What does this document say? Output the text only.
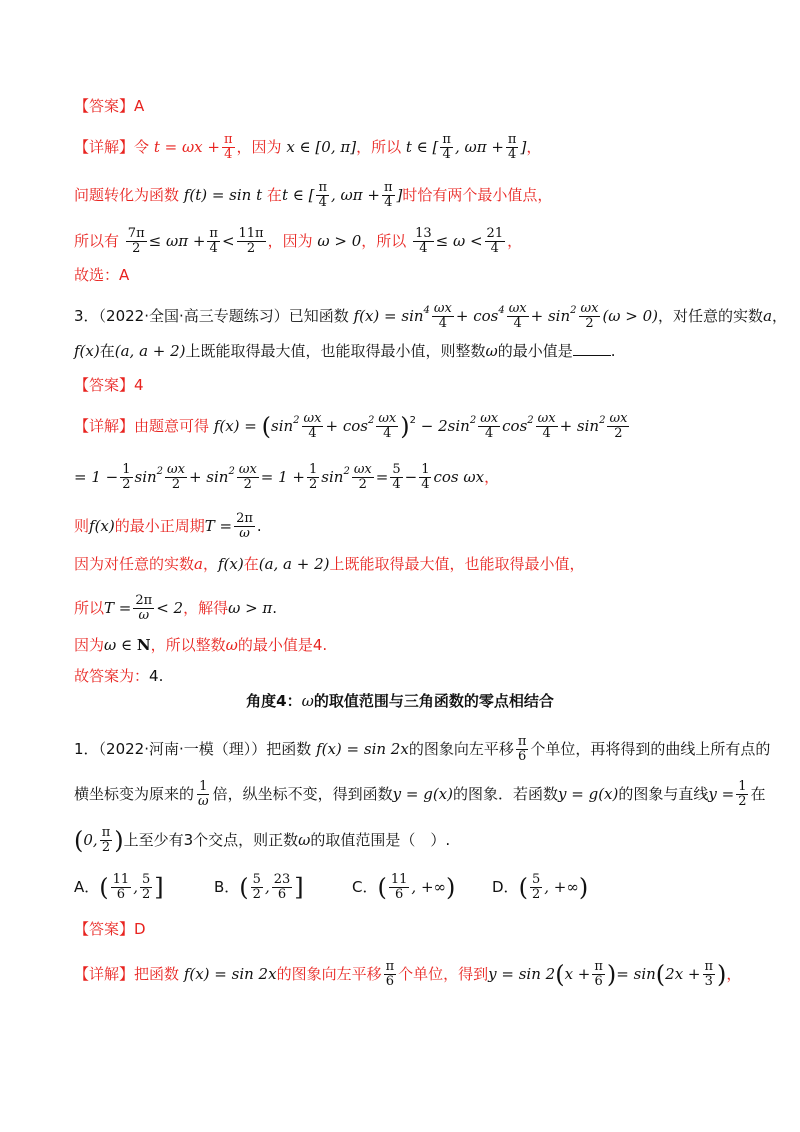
【答案】A
【详解】令 $t = \omega x + \frac{\pi}{4}$ ，因为 x ∈ [0, π]，所以 t ∈ [ $\frac{\pi}{4}$ , $\omega\pi + \frac{\pi}{4}$ ]，
问题转化为函数 f(t) = sin t 在t ∈ [ $\frac{\pi}{4}$ , $\omega\pi + \frac{\pi}{4}$ ]时恰有两个最小值点，
所以有 $\frac{7\pi}{2} \le \omega\pi + \frac{\pi}{4} < \frac{11\pi}{2}$ ，因为 ω > 0，所以 $\frac{13}{4} \le \omega < \frac{21}{4}$ ，
故选：A
3．（2022·全国·高三专题练习）已知函数 $f(x) = \sin^4 \frac{\omega x}{4} + \cos^4 \frac{\omega x}{4} + \sin^2 \frac{\omega x}{2} (\omega > 0)$，对任意的实数a，
f(x)在(a, a + 2)上既能取得最大值，也能取得最小值，则整数ω的最小值是	.
【答案】4
【详解】由题意可得 $f(x) = (\sin^2 \frac{\omega x}{4} + \cos^2 \frac{\omega x}{4} )^2 - 2\sin^2 \frac{\omega x}{4} \cos^2 \frac{\omega x}{4} + \sin^2 \frac{\omega x}{2}$
= $1 - \frac{1}{2} \sin^2 \frac{\omega x}{2} + \sin^2 \frac{\omega x}{2} = 1 + \frac{1}{2} \sin^2 \frac{\omega x}{2} = \frac{5}{4} - \frac{1}{4}$ cos ωx，
则f(x)的最小正周期$T = \frac{2\pi}{\omega}$ .
因为对任意的实数a，f(x)在(a, a + 2)上既能取得最大值，也能取得最小值，
所以$T = \frac{2\pi}{\omega} < 2$，解得ω > π.
因为ω ∈ N，所以整数ω的最小值是4.
故答案为：4.
角度4：ω的取值范围与三角函数的零点相结合
1．（2022·河南·一模（理））把函数 f(x) = sin 2x的图象向左平移 $\frac{\pi}{6}$ 个单位，再将得到的曲线上所有点的
横坐标变为原来的 $\frac{1}{\omega}$ 倍，纵坐标不变，得到函数y = g(x)的图象．若函数y = g(x)的图象与直线$y = \frac{1}{2}$ 在
(0, $\frac{\pi}{2}$ )上至少有3个交点，则正数ω的取值范围是（　）.
A．( $\frac{11}{6}$ , $\frac{5}{2}$ ]	B．( $\frac{5}{2}$ , $\frac{23}{6}$ ]	C．( $\frac{11}{6}$ , +∞) D．( $\frac{5}{2}$ , +∞)
【答案】D
【详解】把函数 f(x) = sin 2x的图象向左平移 $\frac{\pi}{6}$ 个单位，得到$y = \sin 2(x + \frac{\pi}{6}$ )= $\sin(2x + \frac{\pi}{3}$ )，
